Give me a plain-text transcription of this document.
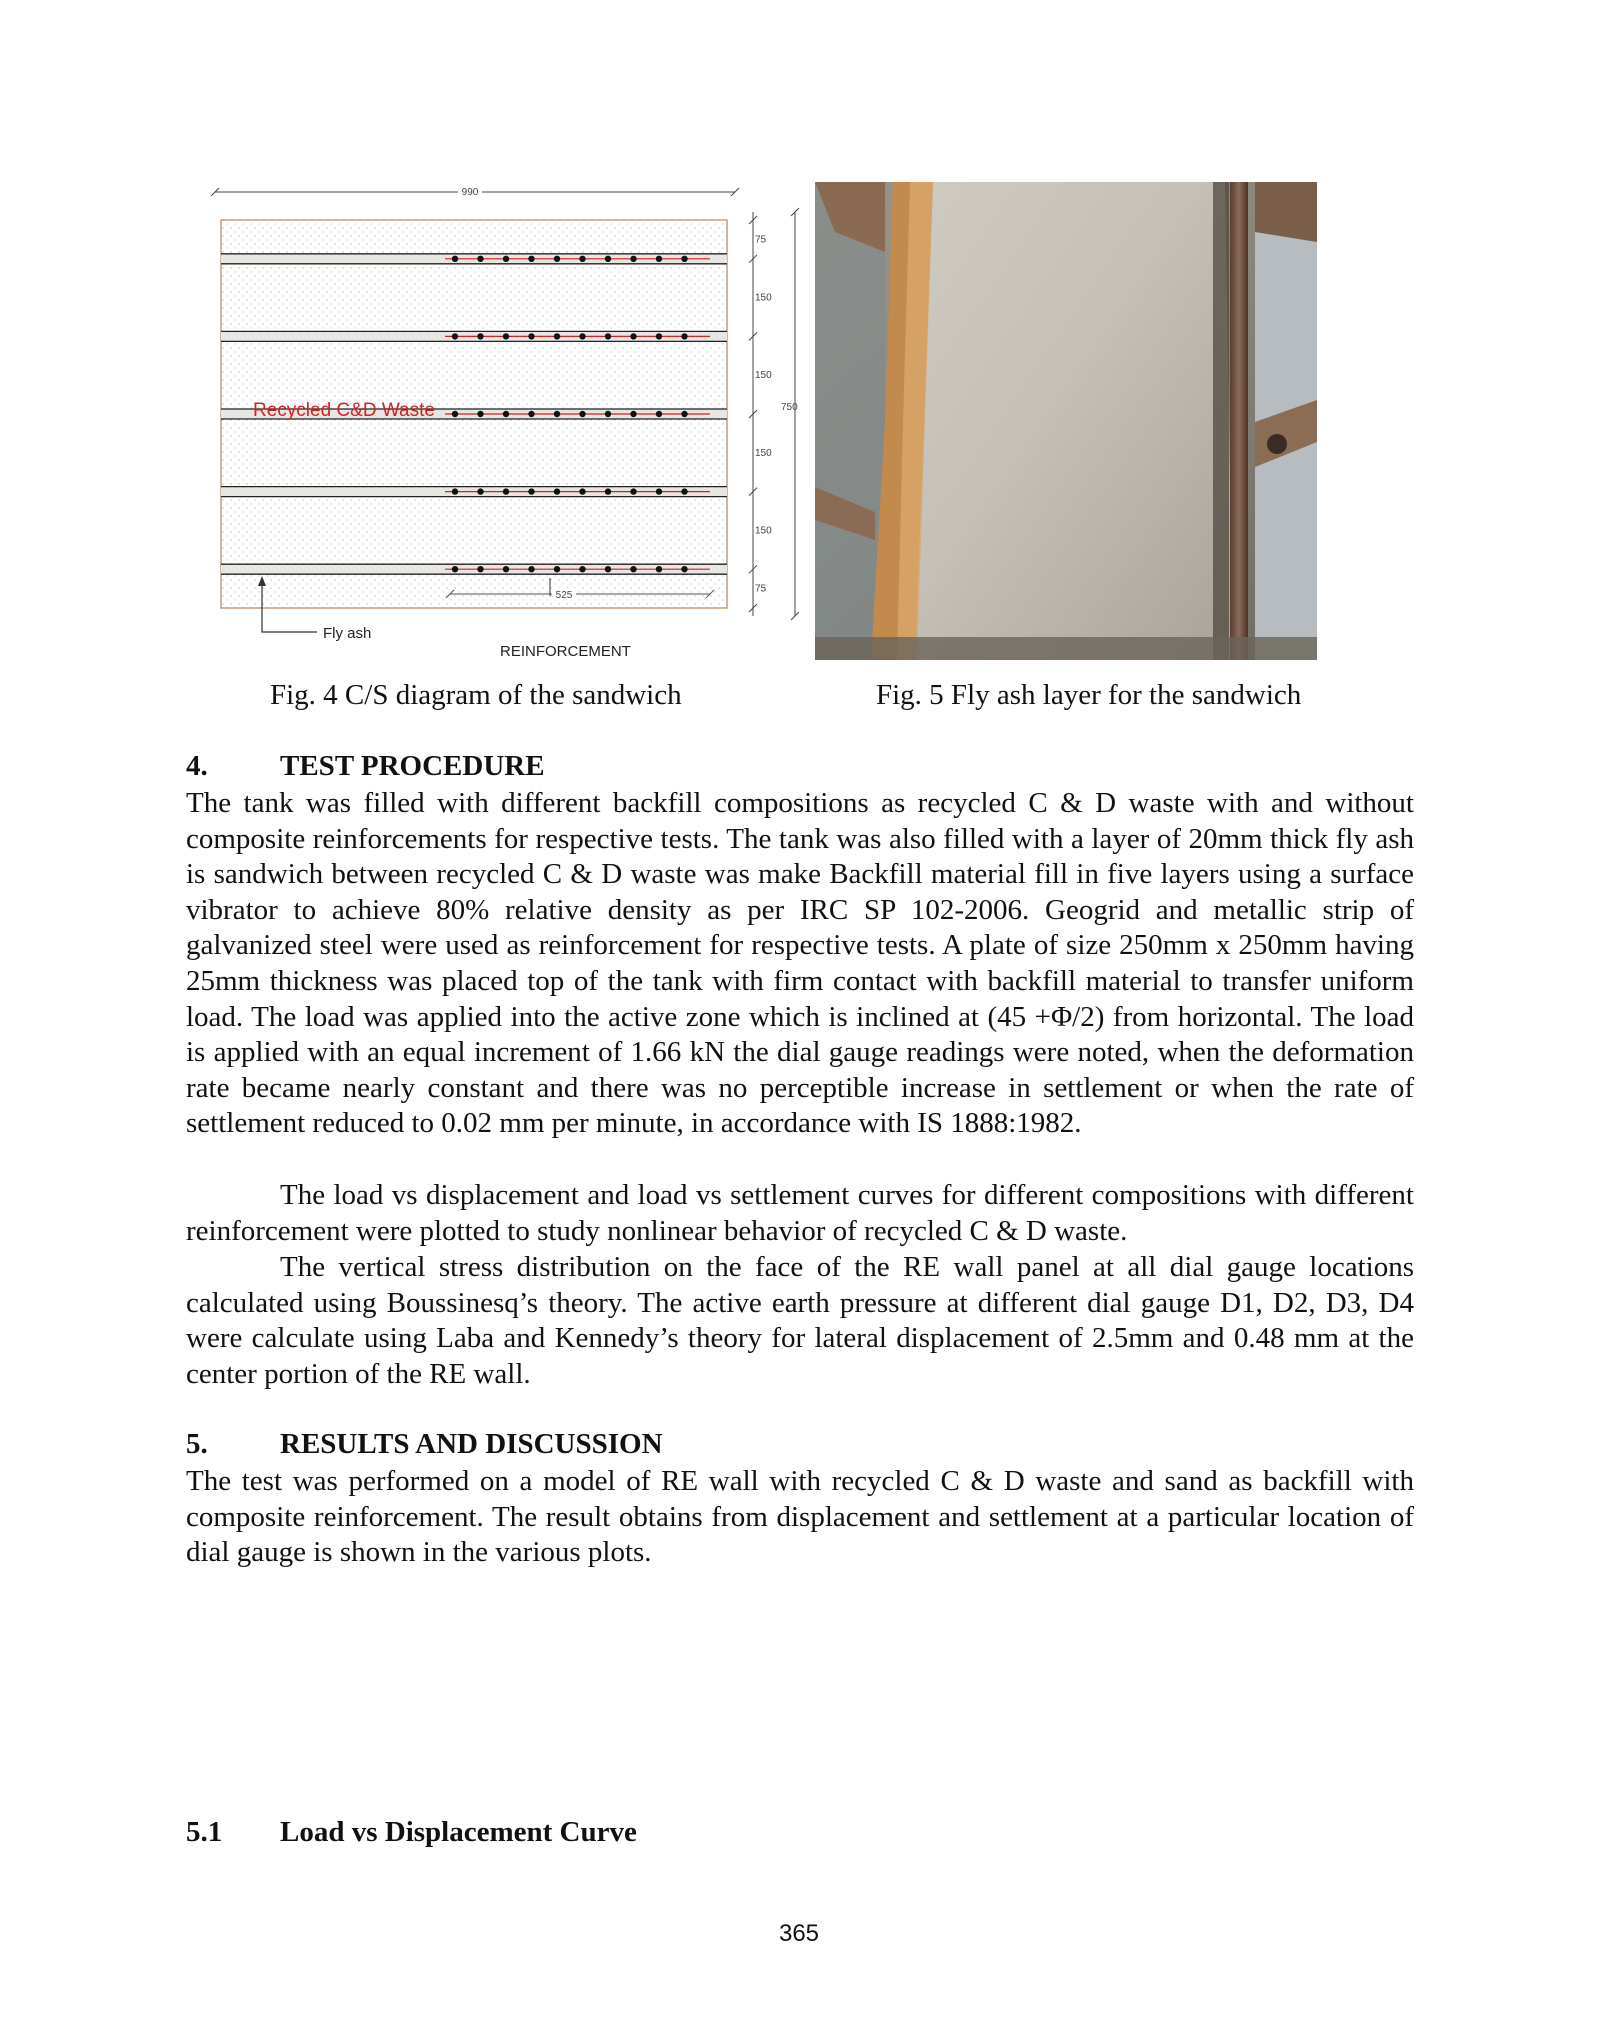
990
75
150
150
150
150
75
750
Recycled C&D Waste
525
Fly ash
REINFORCEMENT
Fig. 4 C/S diagram of the sandwich	Fig. 5 Fly ash layer for the sandwich
4. TEST PROCEDURE

The tank was filled with different backfill compositions as recycled C & D waste with and without composite reinforcements for respective tests. The tank was also filled with a layer of 20mm thick fly ash is sandwich between recycled C & D waste was make Backfill material fill in five layers using a surface vibrator to achieve 80% relative density as per IRC SP 102-2006. Geogrid and metallic strip of galvanized steel were used as reinforcement for respective tests. A plate of size 250mm x 250mm having 25mm thickness was placed top of the tank with firm contact with backfill material to transfer uniform load. The load was applied into the active zone which is inclined at (45 +Φ/2) from horizontal. The load is applied with an equal increment of 1.66 kN the dial gauge readings were noted, when the deformation rate became nearly constant and there was no perceptible increase in settlement or when the rate of settlement reduced to 0.02 mm per minute, in accordance with IS 1888:1982.

The load vs displacement and load vs settlement curves for different compositions with different reinforcement were plotted to study nonlinear behavior of recycled C & D waste.

The vertical stress distribution on the face of the RE wall panel at all dial gauge locations calculated using Boussinesq’s theory. The active earth pressure at different dial gauge D1, D2, D3, D4 were calculate using Laba and Kennedy’s theory for lateral displacement of 2.5mm and 0.48 mm at the center portion of the RE wall.

5. RESULTS AND DISCUSSION

The test was performed on a model of RE wall with recycled C & D waste and sand as backfill with composite reinforcement. The result obtains from displacement and settlement at a particular location of dial gauge is shown in the various plots.

5.1 Load vs Displacement Curve
365
